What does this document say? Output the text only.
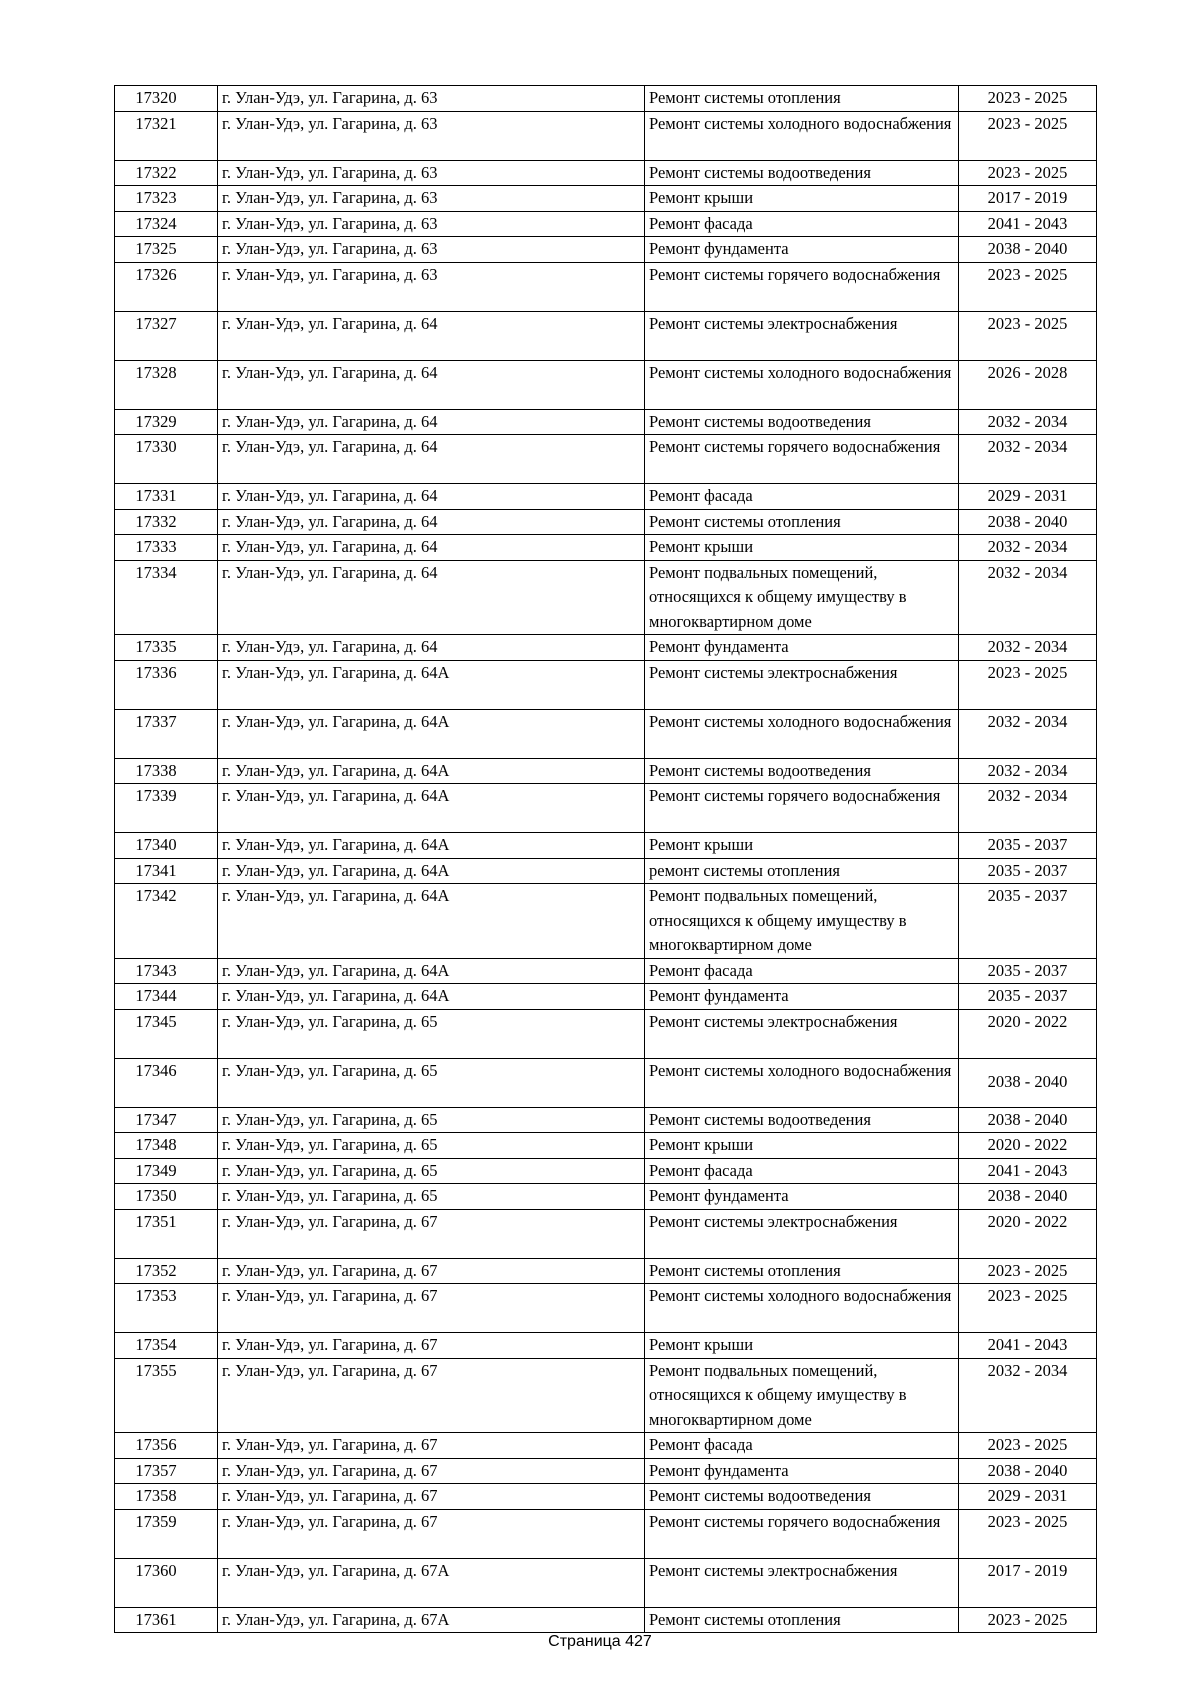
17320	г. Улан-Удэ, ул. Гагарина, д. 63	Ремонт системы отопления	2023 - 2025
17321	г. Улан-Удэ, ул. Гагарина, д. 63	Ремонт системы холодного водоснабжения	2023 - 2025
17322	г. Улан-Удэ, ул. Гагарина, д. 63	Ремонт системы водоотведения	2023 - 2025
17323	г. Улан-Удэ, ул. Гагарина, д. 63	Ремонт крыши	2017 - 2019
17324	г. Улан-Удэ, ул. Гагарина, д. 63	Ремонт фасада	2041 - 2043
17325	г. Улан-Удэ, ул. Гагарина, д. 63	Ремонт фундамента	2038 - 2040
17326	г. Улан-Удэ, ул. Гагарина, д. 63	Ремонт системы горячего водоснабжения	2023 - 2025
17327	г. Улан-Удэ, ул. Гагарина, д. 64	Ремонт системы электроснабжения	2023 - 2025
17328	г. Улан-Удэ, ул. Гагарина, д. 64	Ремонт системы холодного водоснабжения	2026 - 2028
17329	г. Улан-Удэ, ул. Гагарина, д. 64	Ремонт системы водоотведения	2032 - 2034
17330	г. Улан-Удэ, ул. Гагарина, д. 64	Ремонт системы горячего водоснабжения	2032 - 2034
17331	г. Улан-Удэ, ул. Гагарина, д. 64	Ремонт фасада	2029 - 2031
17332	г. Улан-Удэ, ул. Гагарина, д. 64	Ремонт системы отопления	2038 - 2040
17333	г. Улан-Удэ, ул. Гагарина, д. 64	Ремонт крыши	2032 - 2034
17334	г. Улан-Удэ, ул. Гагарина, д. 64	Ремонт подвальных помещений, относящихся к общему имуществу в многоквартирном доме	2032 - 2034
17335	г. Улан-Удэ, ул. Гагарина, д. 64	Ремонт фундамента	2032 - 2034
17336	г. Улан-Удэ, ул. Гагарина, д. 64А	Ремонт системы электроснабжения	2023 - 2025
17337	г. Улан-Удэ, ул. Гагарина, д. 64А	Ремонт системы холодного водоснабжения	2032 - 2034
17338	г. Улан-Удэ, ул. Гагарина, д. 64А	Ремонт системы водоотведения	2032 - 2034
17339	г. Улан-Удэ, ул. Гагарина, д. 64А	Ремонт системы горячего водоснабжения	2032 - 2034
17340	г. Улан-Удэ, ул. Гагарина, д. 64А	Ремонт крыши	2035 - 2037
17341	г. Улан-Удэ, ул. Гагарина, д. 64А	ремонт системы отопления	2035 - 2037
17342	г. Улан-Удэ, ул. Гагарина, д. 64А	Ремонт подвальных помещений, относящихся к общему имуществу в многоквартирном доме	2035 - 2037
17343	г. Улан-Удэ, ул. Гагарина, д. 64А	Ремонт фасада	2035 - 2037
17344	г. Улан-Удэ, ул. Гагарина, д. 64А	Ремонт фундамента	2035 - 2037
17345	г. Улан-Удэ, ул. Гагарина, д. 65	Ремонт системы электроснабжения	2020 - 2022
17346	г. Улан-Удэ, ул. Гагарина, д. 65	Ремонт системы холодного водоснабжения	2038 - 2040
17347	г. Улан-Удэ, ул. Гагарина, д. 65	Ремонт системы водоотведения	2038 - 2040
17348	г. Улан-Удэ, ул. Гагарина, д. 65	Ремонт крыши	2020 - 2022
17349	г. Улан-Удэ, ул. Гагарина, д. 65	Ремонт фасада	2041 - 2043
17350	г. Улан-Удэ, ул. Гагарина, д. 65	Ремонт фундамента	2038 - 2040
17351	г. Улан-Удэ, ул. Гагарина, д. 67	Ремонт системы электроснабжения	2020 - 2022
17352	г. Улан-Удэ, ул. Гагарина, д. 67	Ремонт системы отопления	2023 - 2025
17353	г. Улан-Удэ, ул. Гагарина, д. 67	Ремонт системы холодного водоснабжения	2023 - 2025
17354	г. Улан-Удэ, ул. Гагарина, д. 67	Ремонт крыши	2041 - 2043
17355	г. Улан-Удэ, ул. Гагарина, д. 67	Ремонт подвальных помещений, относящихся к общему имуществу в многоквартирном доме	2032 - 2034
17356	г. Улан-Удэ, ул. Гагарина, д. 67	Ремонт фасада	2023 - 2025
17357	г. Улан-Удэ, ул. Гагарина, д. 67	Ремонт фундамента	2038 - 2040
17358	г. Улан-Удэ, ул. Гагарина, д. 67	Ремонт системы водоотведения	2029 - 2031
17359	г. Улан-Удэ, ул. Гагарина, д. 67	Ремонт системы горячего водоснабжения	2023 - 2025
17360	г. Улан-Удэ, ул. Гагарина, д. 67А	Ремонт системы электроснабжения	2017 - 2019
17361	г. Улан-Удэ, ул. Гагарина, д. 67А	Ремонт системы отопления	2023 - 2025
Страница 427
